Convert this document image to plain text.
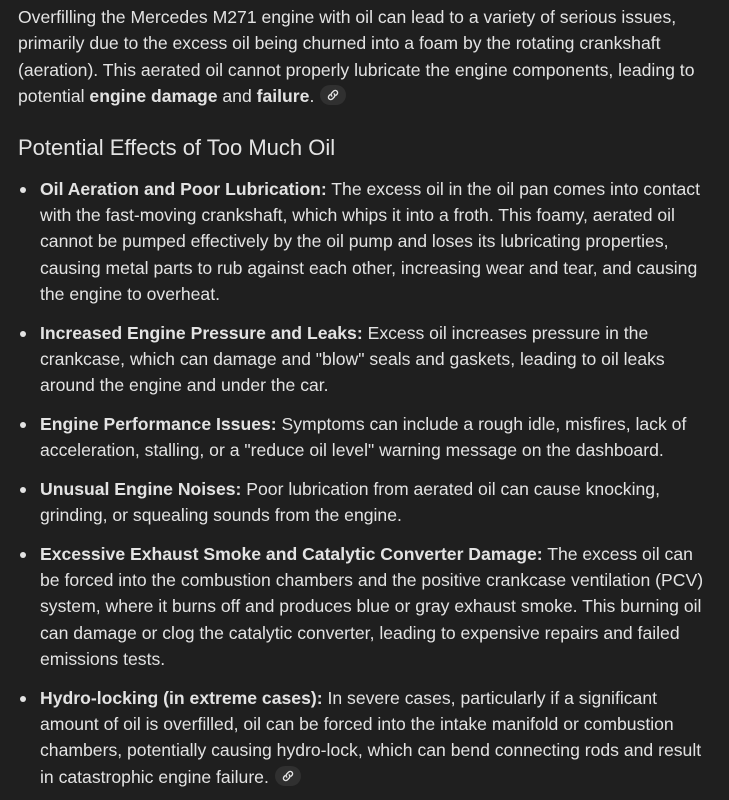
Overfilling the Mercedes M271 engine with oil can lead to a variety of serious issues, primarily due to the excess oil being churned into a foam by the rotating crankshaft (aeration). This aerated oil cannot properly lubricate the engine components, leading to potential engine damage and failure.

Potential Effects of Too Much Oil
Oil Aeration and Poor Lubrication: The excess oil in the oil pan comes into contact with the fast-moving crankshaft, which whips it into a froth. This foamy, aerated oil cannot be pumped effectively by the oil pump and loses its lubricating properties, causing metal parts to rub against each other, increasing wear and tear, and causing the engine to overheat.
Increased Engine Pressure and Leaks: Excess oil increases pressure in the crankcase, which can damage and "blow" seals and gaskets, leading to oil leaks around the engine and under the car.
Engine Performance Issues: Symptoms can include a rough idle, misfires, lack of acceleration, stalling, or a "reduce oil level" warning message on the dashboard.
Unusual Engine Noises: Poor lubrication from aerated oil can cause knocking, grinding, or squealing sounds from the engine.
Excessive Exhaust Smoke and Catalytic Converter Damage: The excess oil can be forced into the combustion chambers and the positive crankcase ventilation (PCV) system, where it burns off and produces blue or gray exhaust smoke. This burning oil can damage or clog the catalytic converter, leading to expensive repairs and failed emissions tests.
Hydro-locking (in extreme cases): In severe cases, particularly if a significant amount of oil is overfilled, oil can be forced into the intake manifold or combustion chambers, potentially causing hydro-lock, which can bend connecting rods and result in catastrophic engine failure.
